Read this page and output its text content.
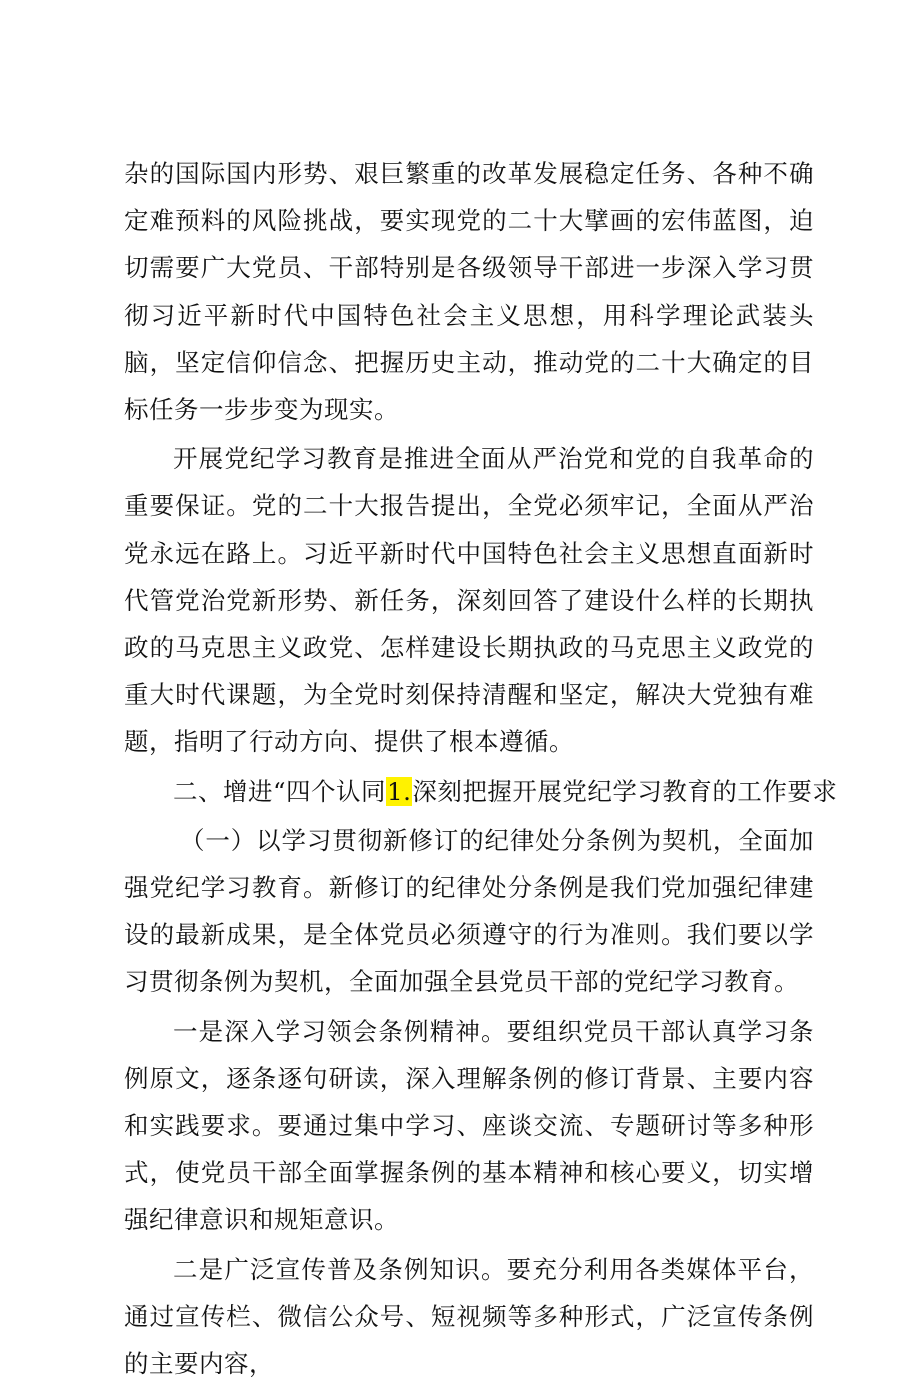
杂的国际国内形势、艰巨繁重的改革发展稳定任务、各种不确定难预料的风险挑战，要实现党的二十大擘画的宏伟蓝图，迫切需要广大党员、干部特别是各级领导干部进一步深入学习贯彻习近平新时代中国特色社会主义思想，用科学理论武装头脑，坚定信仰信念、把握历史主动，推动党的二十大确定的目标任务一步步变为现实。

开展党纪学习教育是推进全面从严治党和党的自我革命的重要保证。党的二十大报告提出，全党必须牢记，全面从严治党永远在路上。习近平新时代中国特色社会主义思想直面新时代管党治党新形势、新任务，深刻回答了建设什么样的长期执政的马克思主义政党、怎样建设长期执政的马克思主义政党的重大时代课题，为全党时刻保持清醒和坚定，解决大党独有难题，指明了行动方向、提供了根本遵循。

二、增进“四个认同1.深刻把握开展党纪学习教育的工作要求

（一）以学习贯彻新修订的纪律处分条例为契机，全面加强党纪学习教育。新修订的纪律处分条例是我们党加强纪律建设的最新成果，是全体党员必须遵守的行为准则。我们要以学习贯彻条例为契机，全面加强全县党员干部的党纪学习教育。

一是深入学习领会条例精神。要组织党员干部认真学习条例原文，逐条逐句研读，深入理解条例的修订背景、主要内容和实践要求。要通过集中学习、座谈交流、专题研讨等多种形式，使党员干部全面掌握条例的基本精神和核心要义，切实增强纪律意识和规矩意识。

二是广泛宣传普及条例知识。要充分利用各类媒体平台，通过宣传栏、微信公众号、短视频等多种形式，广泛宣传条例的主要内容，
